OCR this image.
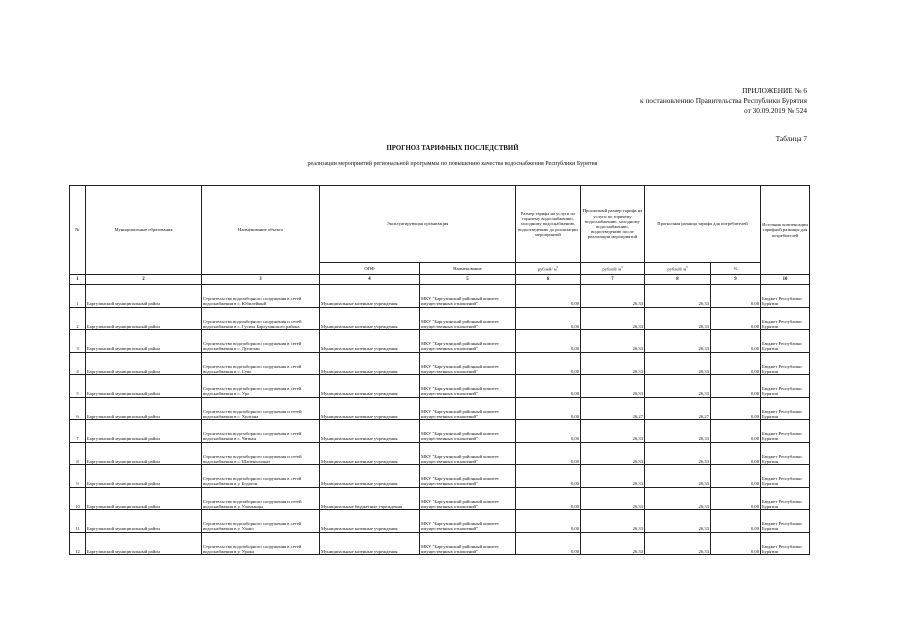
ПРИЛОЖЕНИЕ № 6
к постановлению Правительства Республики Бурятия
от 30.09.2019 № 524
Таблица 7
ПРОГНОЗ ТАРИФНЫХ ПОСЛЕДСТВИЙ
реализации мероприятий региональной программы по повышению качества водоснабжения Республики Бурятия
№	Муниципальные образования	Наименование объекта	Эксплуатирующая организация		Размер тарифа на услуги по горячему водоснабжению, холодному водоснабжению, водоотведению до реализации мероприятий	Прогнозный размер тарифа на услуги по горячему водоснабжению, холодному водоснабжению, водоотведению после реализации мероприятий	Прогнозная разница тарифа для потребителей		Источник компенсации тарифной разницы для потребителей
			ОПФ	Наименование	рублей/ $м^3$	рублей/ $м^3$	рублей/ $м^3$	%	
1	2	3	4	5	6	7	8	9	10
1	Баргузинский муниципальный район	Строительство водозаборного сооружения в сетей водоснабжения в с. Юбилейный	Муниципальные казенные учреждения	МКУ "Баргузинский районный комитет имущественных отношений"	0,00	26,33	26,33	0,00	Бюджет Республики Бурятия
2	Баргузинский муниципальный район	Строительство водозаборного сооружения и сетей водоснабжения в с. Гусиха Баргузинского района	Муниципальные казенные учреждения	МКУ "Баргузинский районный комитет имущественных отношений"	0,00	26,33	26,33	0,00	Бюджет Республики Бурятия
3	Баргузинский муниципальный район	Строительство водозаборного сооружения в сетей водоснабжения в с. Душелан	Муниципальные казенные учреждения	МКУ "Баргузинский районный комитет имущественных отношений"	0,00	26,33	26,33	0,00	Бюджет Республики Бурятия
4	Баргузинский муниципальный район	Строительство водозаборного сооружения в сетей водоснабжения в с. Суво	Муниципальные казенные учреждения	МКУ "Баргузинский районный комитет имущественных отношений"	0,00	26,33	26,33	0,00	Бюджет Республики Бурятия
5	Баргузинский муниципальный район	Строительство водозаборного сооружения в сетей водоснабжения в с. Уро	Муниципальные казенные учреждения	МКУ "Баргузинский районный комитет имущественных отношений"	0,00	26,33	26,33	0,00	Бюджет Республики Бурятия
6	Баргузинский муниципальный район	Строительство водозаборного сооружения и сетей водоснабжения в с. Хилгана	Муниципальные казенные учреждения	МКУ "Баргузинский районный комитет имущественных отношений"	0,00	26,27	26,27	0,00	Бюджет Республики Бурятия
7	Баргузинский муниципальный район	Строительство водозаборного сооружения в сетей водоснабжения в с. Читкан	Муниципальные казенные учреждения	МКУ "Баргузинский районный комитет имущественных отношений"	0,00	26,33	26,33	0,00	Бюджет Республики Бурятия
8	Баргузинский муниципальный район	Строительство водозаборного сооружения и сетей водоснабжения в с. Шапеньгилкат	Муниципальные казенные учреждения	МКУ "Баргузинский районный комитет имущественных отношений"	0,00	26,33	26,33	0,00	Бюджет Республики Бурятия
9	Баргузинский муниципальный район	Строительство водозаборного сооружения в сетей водоснабжения в у. Бодагон	Муниципальные казенные учреждения	МКУ "Баргузинский районный комитет имущественных отношений"	0,00	26,33	26,33	0,00	Бюджет Республики Бурятия
10	Баргузинский муниципальный район	Строительство водозаборного сооружения и сетей водоснабжения в у. Уляхчанцы	Муниципальные бюджетные учреждения	МКУ "Баргузинский районный комитет имущественных отношений"	0,00	26,33	26,33	0,00	Бюджет Республики Бурятия
11	Баргузинский муниципальный район	Строительство водозаборного сооружения в сетей водоснабжения в у. Улоно	Муниципальные казенные учреждения	МКУ "Баргузинский районный комитет имущественных отношений"	0,00	26,33	26,33	0,00	Бюджет Республики Бурятия
12	Баргузинский муниципальный район	Строительство водозаборного сооружения в сетей водоснабжения в у. Урожа	Муниципальные казенные учреждения	МКУ "Баргузинский районный комитет имущественных отношений"	0,00	26,33	26,33	0,00	Бюджет Республики Бурятия
